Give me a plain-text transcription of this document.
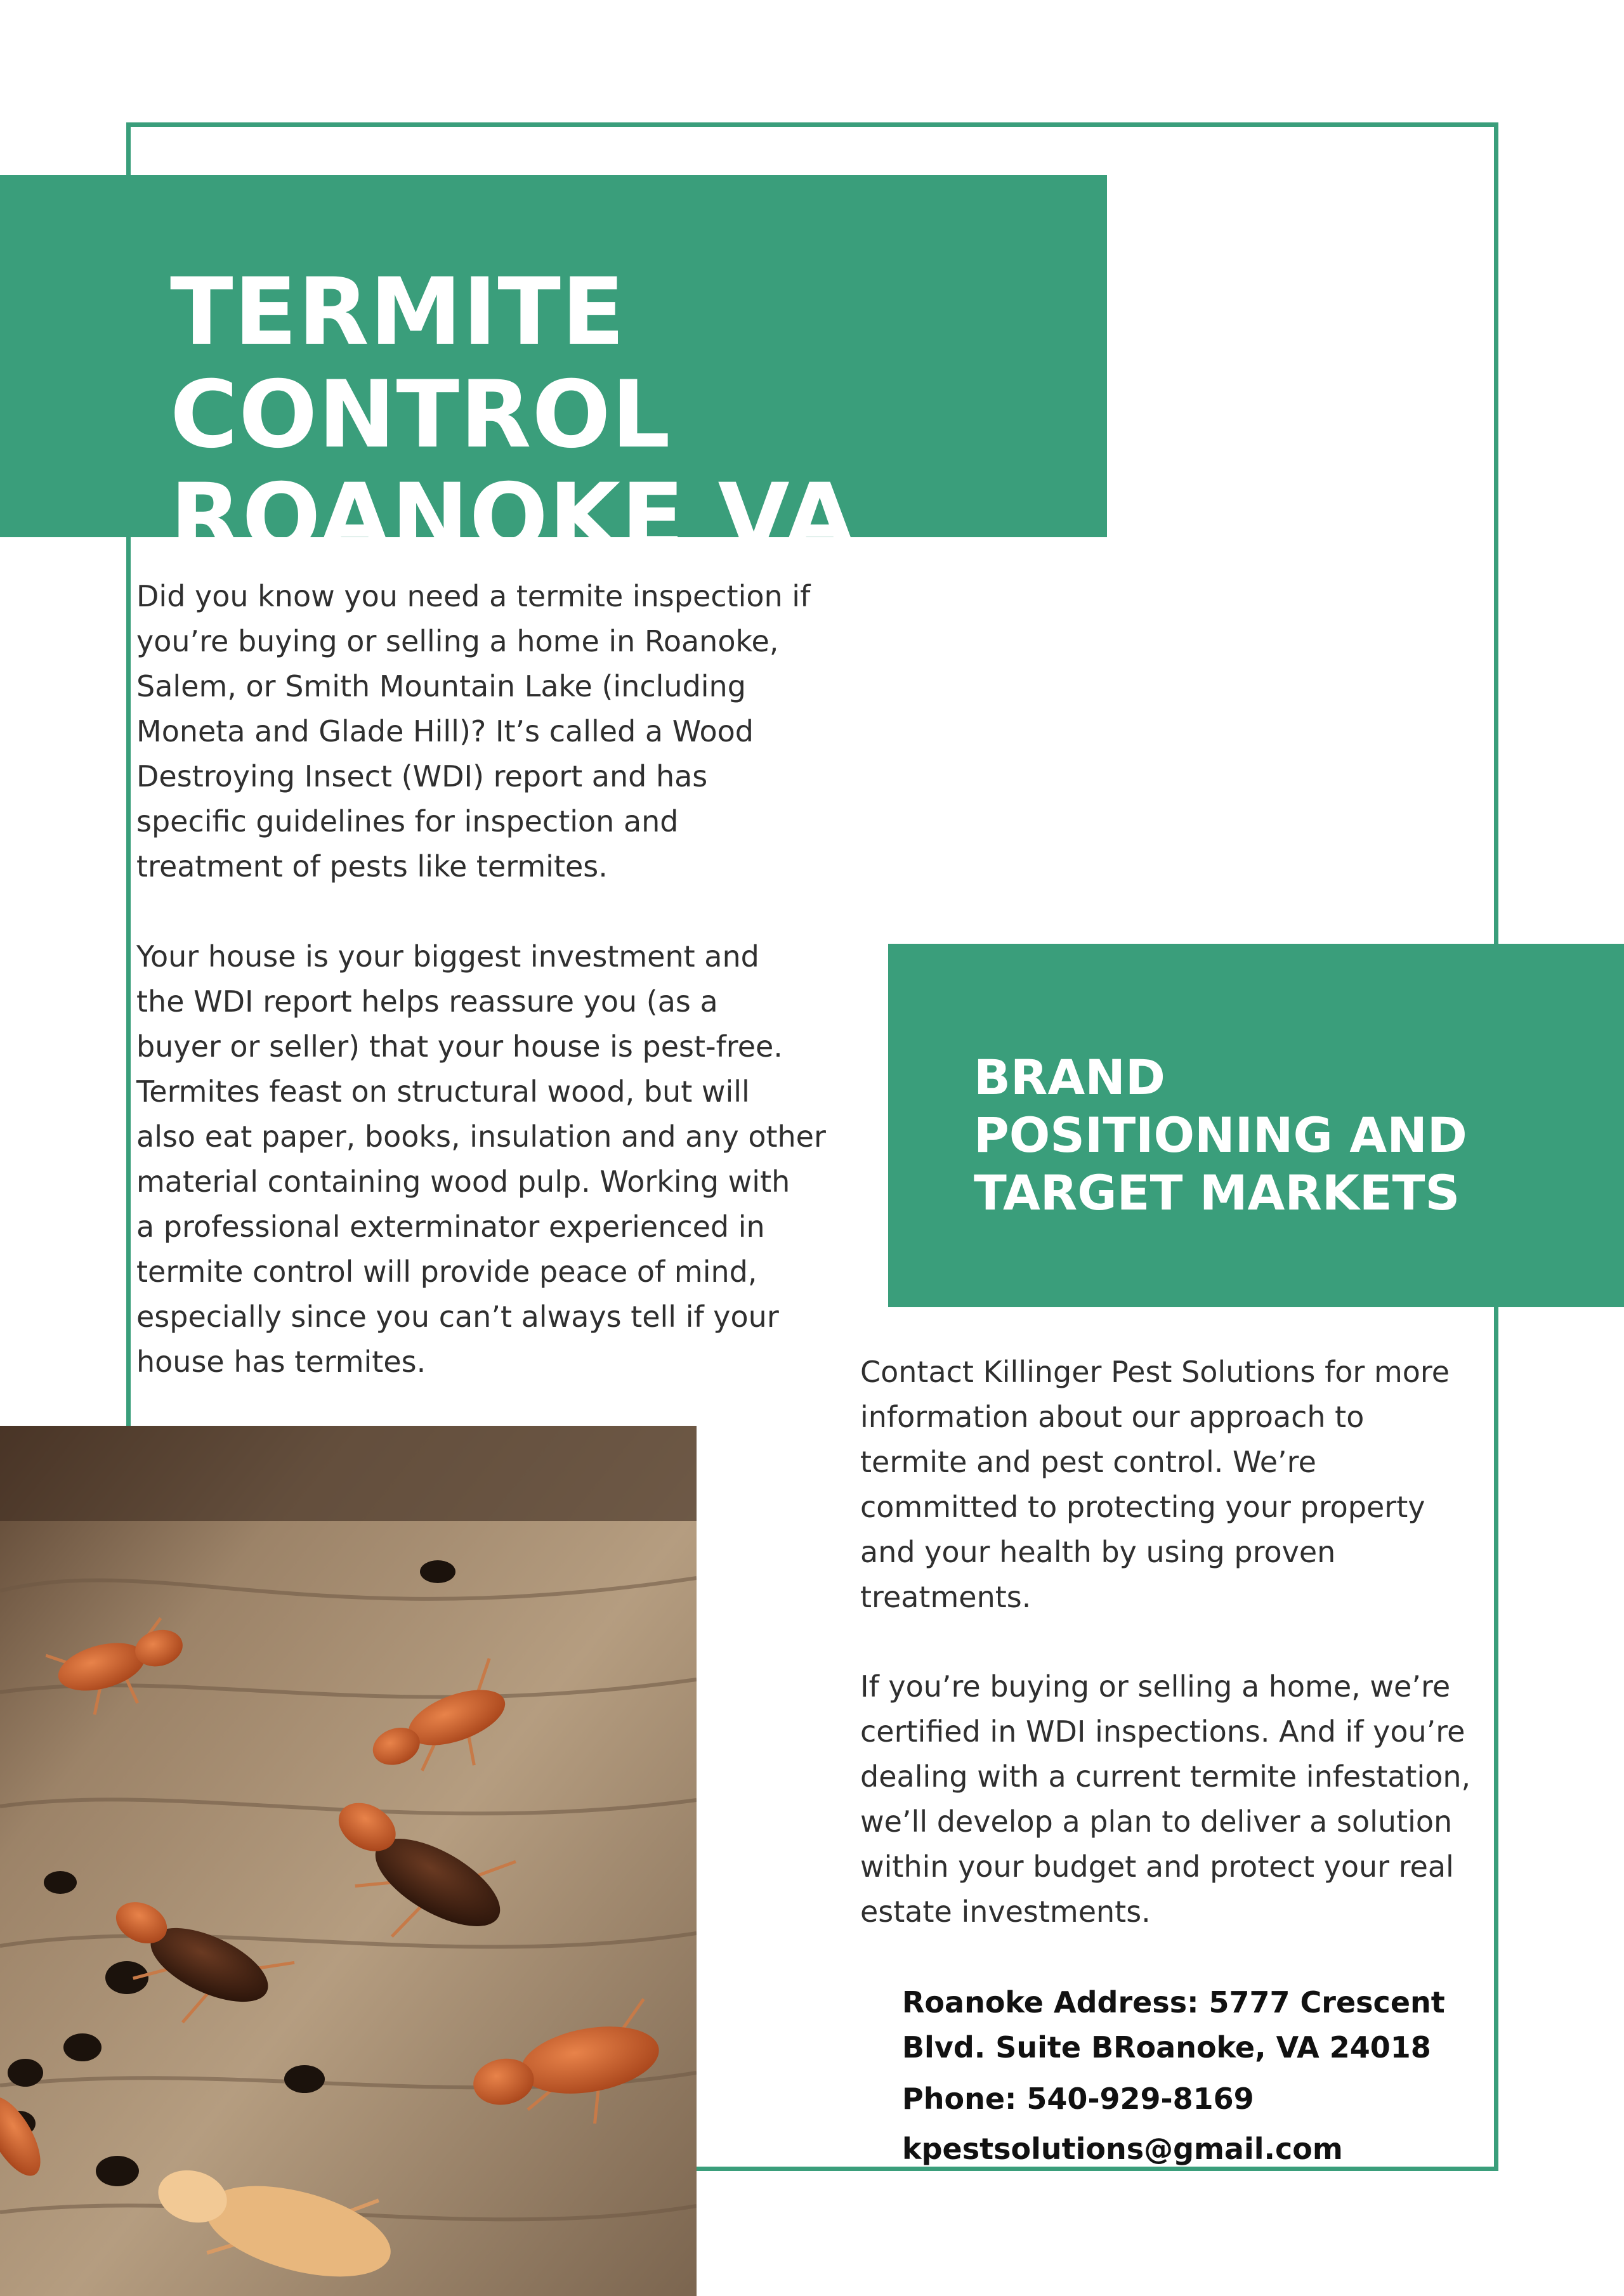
TERMITE CONTROL
ROANOKE VA

Did you know you need a termite inspection if
you’re buying or selling a home in Roanoke,
Salem, or Smith Mountain Lake (including
Moneta and Glade Hill)? It’s called a Wood
Destroying Insect (WDI) report and has
specific guidelines for inspection and
treatment of pests like termites.

Your house is your biggest investment and
the WDI report helps reassure you (as a
buyer or seller) that your house is pest-free.
Termites feast on structural wood, but will
also eat paper, books, insulation and any other
material containing wood pulp. Working with
a professional exterminator experienced in
termite control will provide peace of mind,
especially since you can’t always tell if your
house has termites.

BRAND
POSITIONING AND
TARGET MARKETS

Contact Killinger Pest Solutions for more
information about our approach to
termite and pest control. We’re
committed to protecting your property
and your health by using proven
treatments.

If you’re buying or selling a home, we’re
certified in WDI inspections. And if you’re
dealing with a current termite infestation,
we’ll develop a plan to deliver a solution
within your budget and protect your real
estate investments.

Roanoke Address: 5777 Crescent
Blvd. Suite BRoanoke, VA 24018

Phone: 540-929-8169

kpestsolutions@gmail.com
